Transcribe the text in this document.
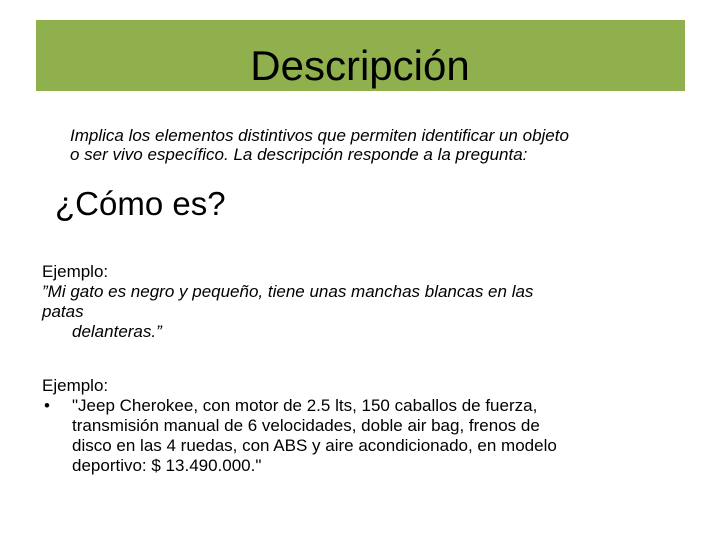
Descripción
Implica los elementos distintivos que permiten identificar un objeto
o ser vivo específico. La descripción responde a la pregunta:
¿Cómo es?
Ejemplo:
”Mi gato es negro y pequeño, tiene unas manchas blancas en las
patas
delanteras.”
Ejemplo:
•	"Jeep Cherokee, con motor de 2.5 lts, 150 caballos de fuerza,
transmisión manual de 6 velocidades, doble air bag, frenos de
disco en las 4 ruedas, con ABS y aire acondicionado, en modelo
deportivo: $ 13.490.000."
